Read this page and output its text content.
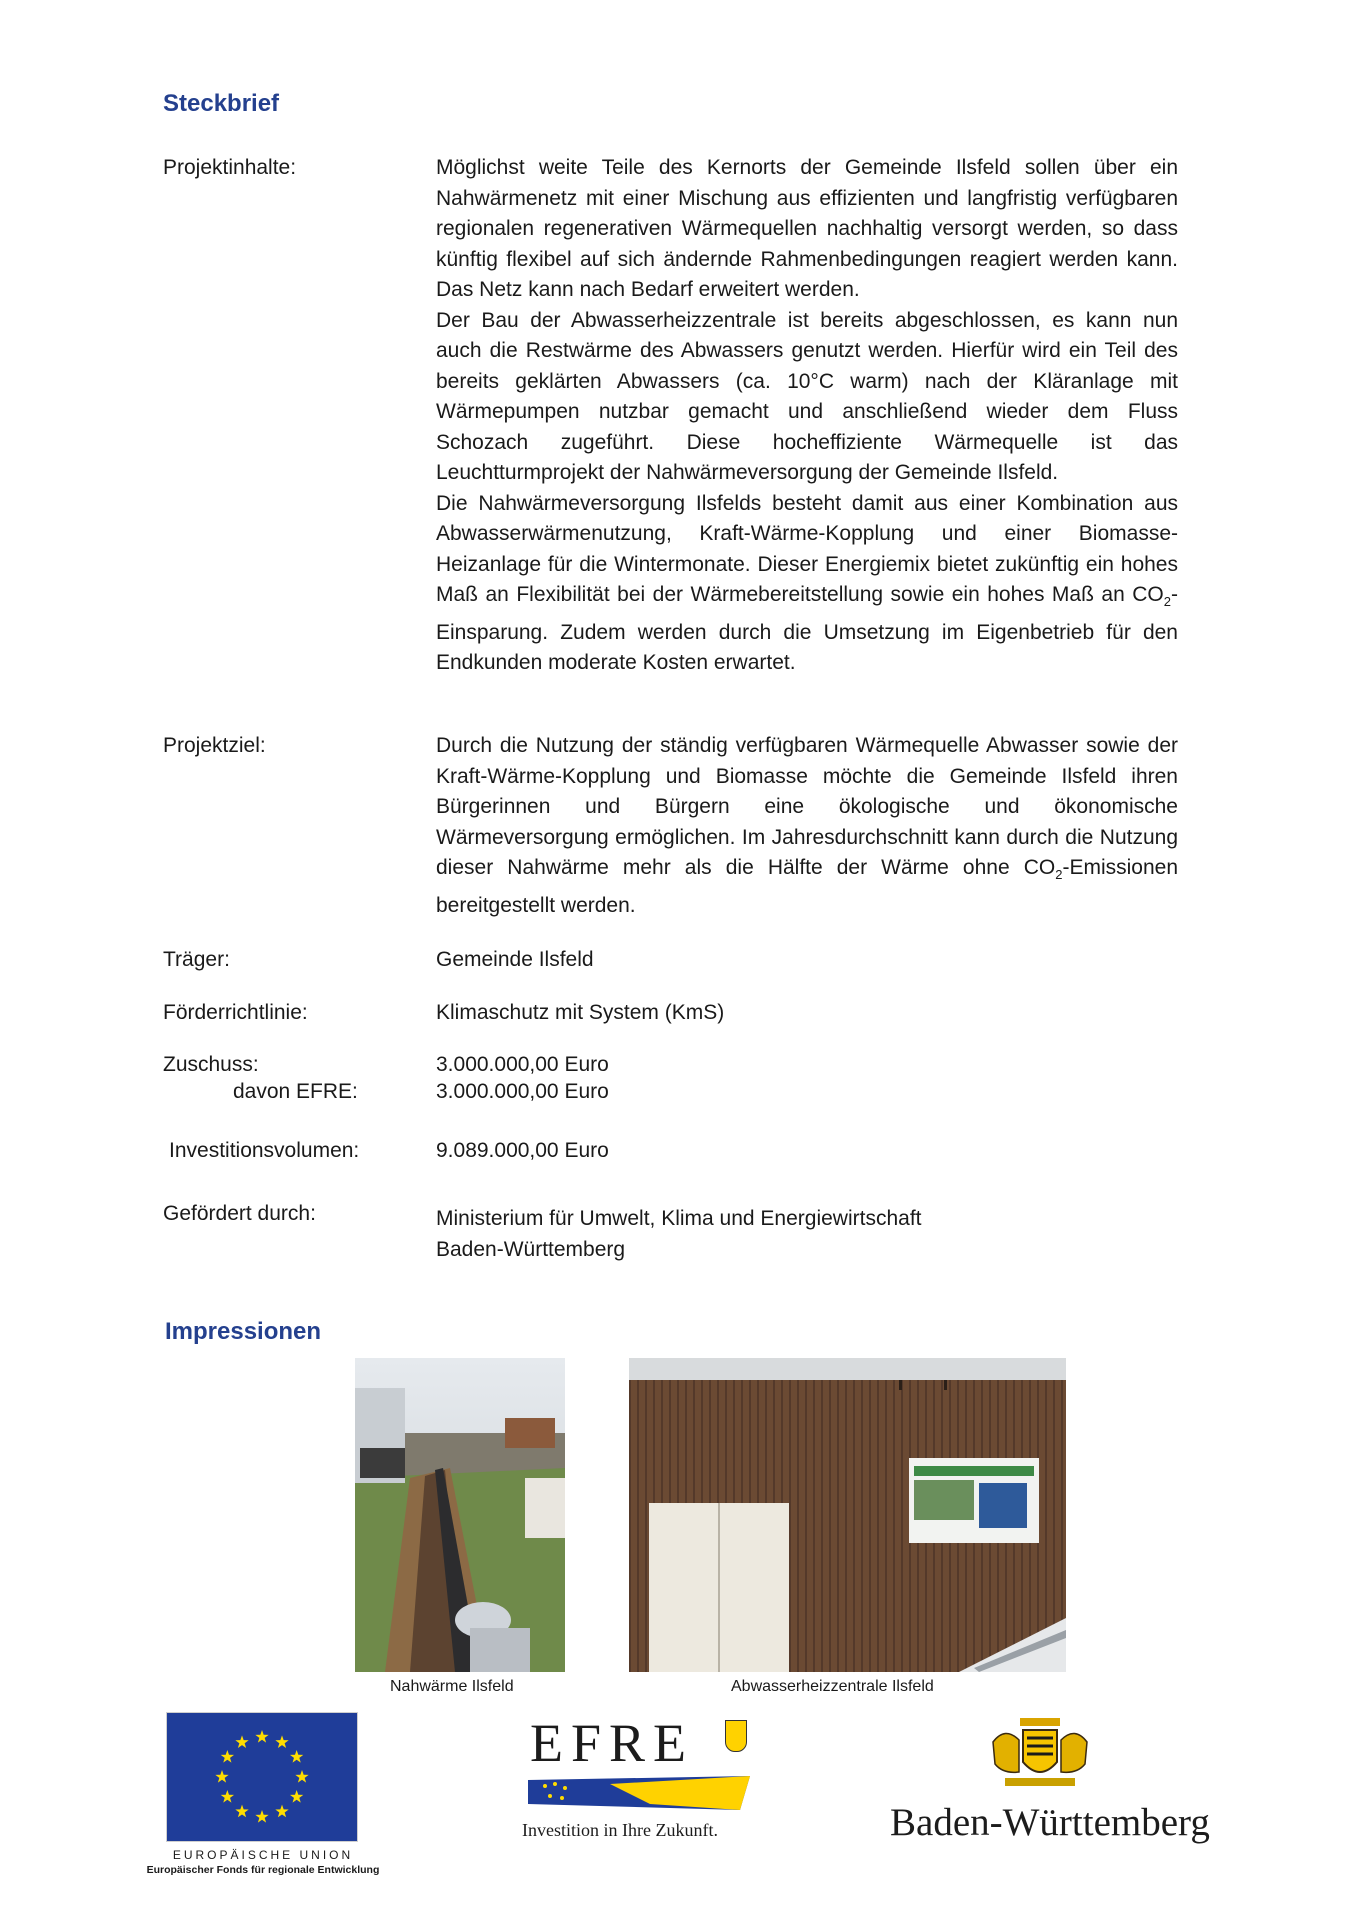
Steckbrief
Projektinhalte:	Möglichst weite Teile des Kernorts der Gemeinde Ilsfeld sollen über ein Nahwärmenetz mit einer Mischung aus effizienten und langfristig verfügbaren regionalen regenerativen Wärmequellen nachhaltig versorgt werden, so dass künftig flexibel auf sich ändernde Rahmenbedingungen reagiert werden kann. Das Netz kann nach Bedarf erweitert werden.

Der Bau der Abwasserheizzentrale ist bereits abgeschlossen, es kann nun auch die Restwärme des Abwassers genutzt werden. Hierfür wird ein Teil des bereits geklärten Abwassers (ca. 10°C warm) nach der Kläranlage mit Wärmepumpen nutzbar gemacht und anschließend wieder dem Fluss Schozach zugeführt. Diese hocheffiziente Wärmequelle ist das Leuchtturmprojekt der Nahwärmeversorgung der Gemeinde Ilsfeld.

Die Nahwärmeversorgung Ilsfelds besteht damit aus einer Kombination aus Abwasserwärmenutzung, Kraft-Wärme-Kopplung und einer Biomasse-Heizanlage für die Wintermonate. Dieser Energiemix bietet zukünftig ein hohes Maß an Flexibilität bei der Wärmebereitstellung sowie ein hohes Maß an $CO_2$-Einsparung. Zudem werden durch die Umsetzung im Eigenbetrieb für den Endkunden moderate Kosten erwartet.

Projektziel:	Durch die Nutzung der ständig verfügbaren Wärmequelle Abwasser sowie der Kraft-Wärme-Kopplung und Biomasse möchte die Gemeinde Ilsfeld ihren Bürgerinnen und Bürgern eine ökologische und ökonomische Wärmeversorgung ermöglichen. Im Jahresdurchschnitt kann durch die Nutzung dieser Nahwärme mehr als die Hälfte der Wärme ohne $CO_2$-Emissionen bereitgestellt werden.

Träger:	Gemeinde Ilsfeld
Förderrichtlinie:	Klimaschutz mit System (KmS)
Zuschuss:	3.000.000,00 Euro
davon EFRE:	3.000.000,00 Euro
Investitionsvolumen:	9.089.000,00 Euro
Gefördert durch:	Ministerium für Umwelt, Klima und Energiewirtschaft
Baden-Württemberg
Impressionen
Nahwärme Ilsfeld	Abwasserheizzentrale Ilsfeld
EUROPÄISCHE UNION
Europäischer Fonds für regionale Entwicklung
EFRE
Investition in Ihre Zukunft.	Baden-Württemberg
